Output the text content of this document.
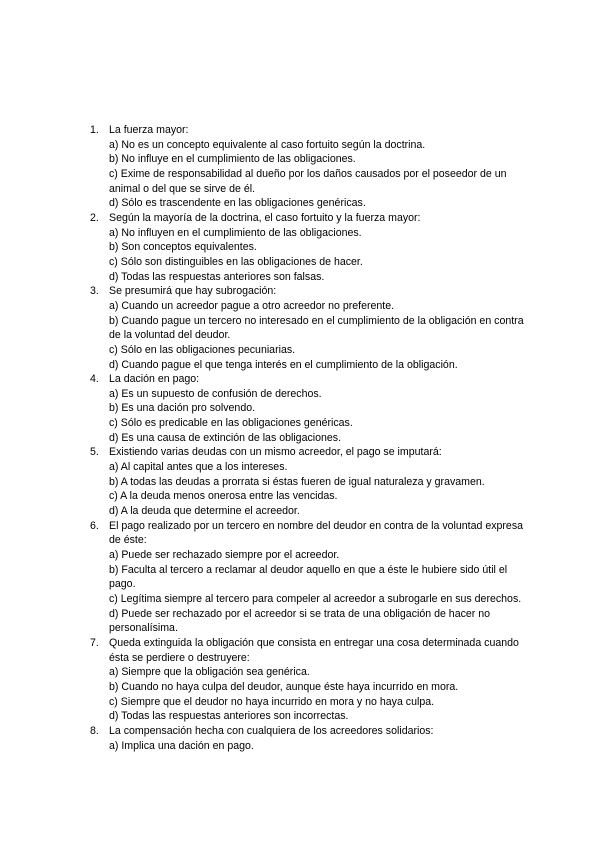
1. La fuerza mayor:
a) No es un concepto equivalente al caso fortuito según la doctrina.
b) No influye en el cumplimiento de las obligaciones.
c) Exime de responsabilidad al dueño por los daños causados por el poseedor de un animal o del que se sirve de él.
d) Sólo es trascendente en las obligaciones genéricas.
2. Según la mayoría de la doctrina, el caso fortuito y la fuerza mayor:
a) No influyen en el cumplimiento de las obligaciones.
b) Son conceptos equivalentes.
c) Sólo son distinguibles en las obligaciones de hacer.
d) Todas las respuestas anteriores son falsas.
3. Se presumirá que hay subrogación:
a) Cuando un acreedor pague a otro acreedor no preferente.
b) Cuando pague un tercero no interesado en el cumplimiento de la obligación en contra de la voluntad del deudor.
c) Sólo en las obligaciones pecuniarias.
d) Cuando pague el que tenga interés en el cumplimiento de la obligación.
4. La dación en pago:
a) Es un supuesto de confusión de derechos.
b) Es una dación pro solvendo.
c) Sólo es predicable en las obligaciones genéricas.
d) Es una causa de extinción de las obligaciones.
5. Existiendo varias deudas con un mismo acreedor, el pago se imputará:
a) Al capital antes que a los intereses.
b) A todas las deudas a prorrata si éstas fueren de igual naturaleza y gravamen.
c) A la deuda menos onerosa entre las vencidas.
d) A la deuda que determine el acreedor.
6. El pago realizado por un tercero en nombre del deudor en contra de la voluntad expresa de éste:
a) Puede ser rechazado siempre por el acreedor.
b) Faculta al tercero a reclamar al deudor aquello en que a éste le hubiere sido útil el pago.
c) Legítima siempre al tercero para compeler al acreedor a subrogarle en sus derechos.
d) Puede ser rechazado por el acreedor si se trata de una obligación de hacer no personalísima.
7. Queda extinguida la obligación que consista en entregar una cosa determinada cuando ésta se perdiere o destruyere:
a) Siempre que la obligación sea genérica.
b) Cuando no haya culpa del deudor, aunque éste haya incurrido en mora.
c) Siempre que el deudor no haya incurrido en mora y no haya culpa.
d) Todas las respuestas anteriores son incorrectas.
8. La compensación hecha con cualquiera de los acreedores solidarios:
a) Implica una dación en pago.
